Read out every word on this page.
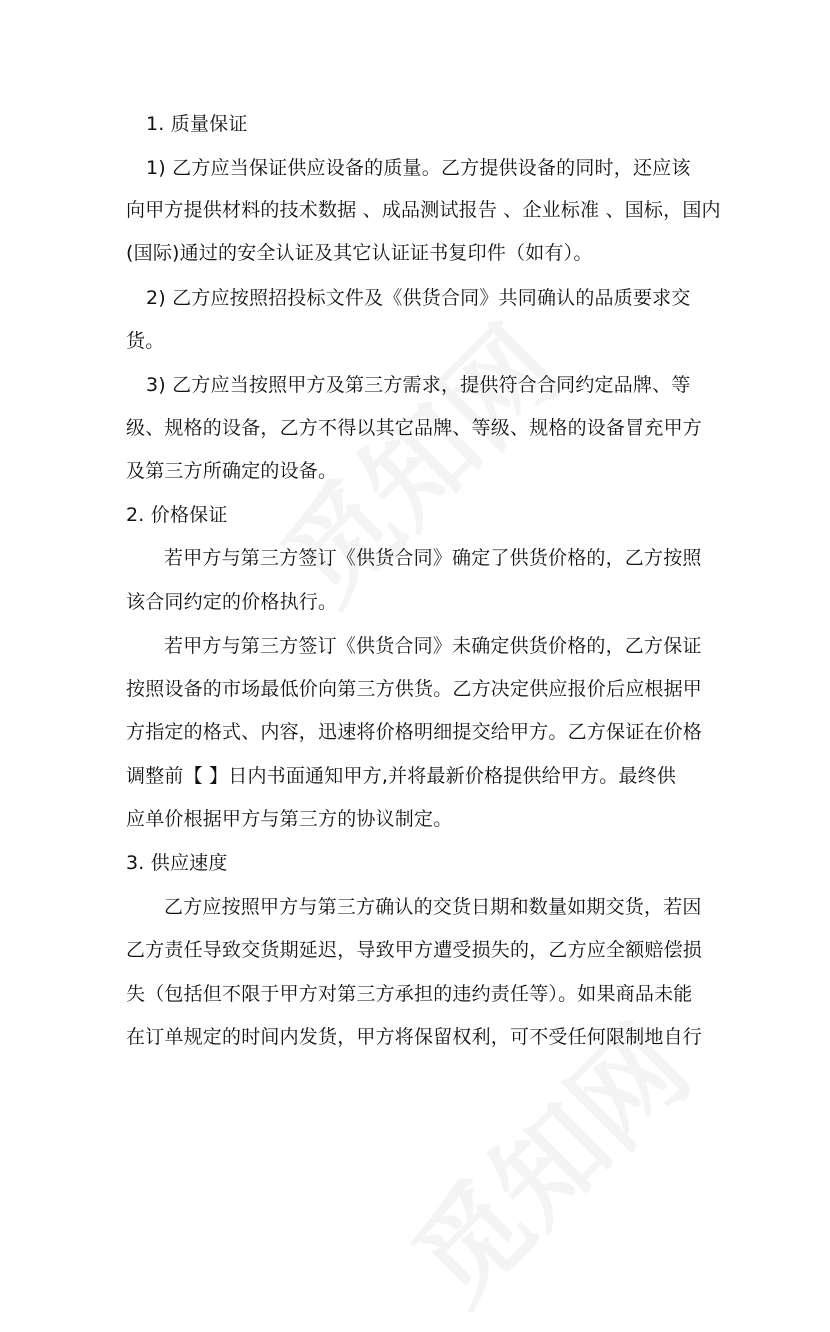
1. 质量保证
1) 乙方应当保证供应设备的质量。乙方提供设备的同时，还应该
向甲方提供材料的技术数据 、成品测试报告 、企业标准 、国标，国内
(国际)通过的安全认证及其它认证证书复印件（如有）。
2) 乙方应按照招投标文件及《供货合同》共同确认的品质要求交
货。
3) 乙方应当按照甲方及第三方需求，提供符合合同约定品牌、等
级、规格的设备，乙方不得以其它品牌、等级、规格的设备冒充甲方
及第三方所确定的设备。
2. 价格保证
若甲方与第三方签订《供货合同》确定了供货价格的，乙方按照
该合同约定的价格执行。
若甲方与第三方签订《供货合同》未确定供货价格的，乙方保证
按照设备的市场最低价向第三方供货。乙方决定供应报价后应根据甲
方指定的格式、内容，迅速将价格明细提交给甲方。乙方保证在价格
调整前【 】日内书面通知甲方,并将最新价格提供给甲方。最终供
应单价根据甲方与第三方的协议制定。
3. 供应速度
乙方应按照甲方与第三方确认的交货日期和数量如期交货，若因
乙方责任导致交货期延迟，导致甲方遭受损失的，乙方应全额赔偿损
失（包括但不限于甲方对第三方承担的违约责任等）。如果商品未能
在订单规定的时间内发货，甲方将保留权利，可不受任何限制地自行
